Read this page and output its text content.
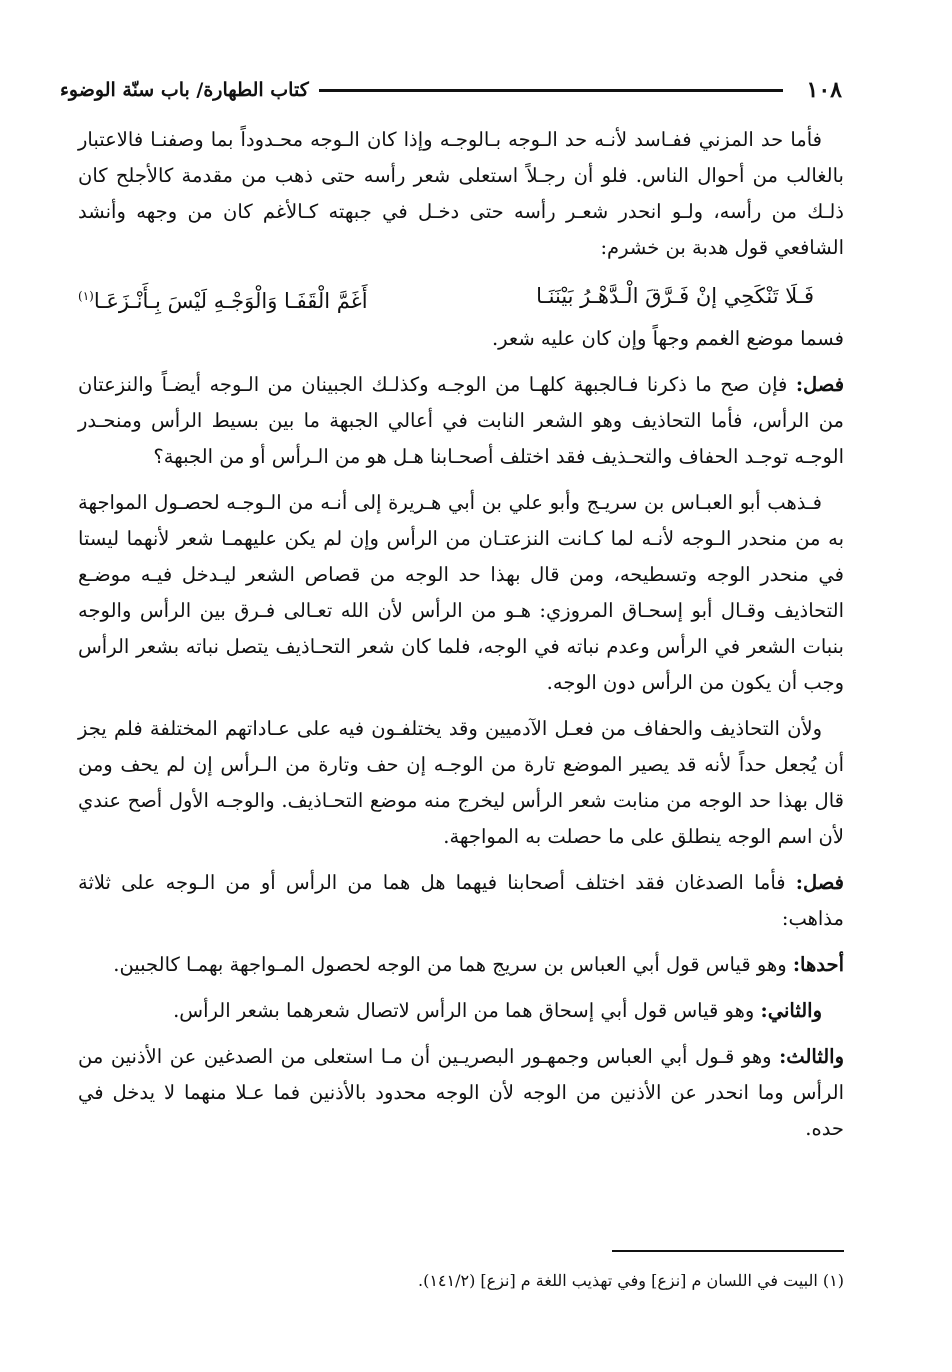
١٠٨
كتاب الطهارة/ باب سنّة الوضوء

فأما حد المزني ففـاسد لأنـه حد الـوجه بـالوجـه وإذا كان الـوجه محـدوداً بما وصفنـا فالاعتبار بالغالب من أحوال الناس. فلو أن رجـلاً استعلى شعر رأسه حتى ذهب من مقدمة كالأجلح كان ذلـك من رأسه، ولـو انحدر شعـر رأسه حتى دخـل في جبهته كـالأغم كان من وجهه وأنشد الشافعي قول هدبة بن خشرم:

فَـلَا تَنْكَحِي إنْ فَـرَّقَ الْـدَّهْـرُ بَيْنَنَـا
أَغَمَّ الْقَفَـا وَالْوَجْـهِ لَيْسَ بِـأَنْـزَعَـا$^{(١)}$

فسما موضع الغمم وجهاً وإن كان عليه شعر.

فصل: فإن صح ما ذكرنا فـالجبهة كلهـا من الوجـه وكذلـك الجبينان من الـوجه أيضـاً والنزعتان من الرأس، فأما التحاذيف وهو الشعر النابت في أعالي الجبهة ما بين بسيط الرأس ومنحـدر الوجـه توجـد الحفاف والتحـذيف فقد اختلف أصحـابنا هـل هو من الـرأس أو من الجبهة؟

فـذهب أبو العبـاس بن سريـج وأبو علي بن أبي هـريرة إلى أنـه من الـوجـه لحصـول المواجهة به من منحدر الـوجه لأنـه لما كـانت النزعتـان من الرأس وإن لم يكن عليهمـا شعر لأنهما ليستا في منحدر الوجه وتسطيحه، ومن قال بهذا حد الوجه من قصاص الشعر ليـدخل فيـه موضـع التحاذيف وقـال أبو إسحـاق المروزي: هـو من الرأس لأن الله تعـالى فـرق بين الرأس والوجه بنبات الشعر في الرأس وعدم نباته في الوجه، فلما كان شعر التحـاذيف يتصل نباته بشعر الرأس وجب أن يكون من الرأس دون الوجه.

ولأن التحاذيف والحفاف من فعـل الآدميين وقد يختلفـون فيه على عـاداتهم المختلفة فلم يجز أن يُجعل حداً لأنه قد يصير الموضع تارة من الوجـه إن حف وتارة من الـرأس إن لم يحف ومن قال بهذا حد الوجه من منابت شعر الرأس ليخرج منه موضع التحـاذيف. والوجـه الأول أصح عندي لأن اسم الوجه ينطلق على ما حصلت به المواجهة.

فصل: فأما الصدغان فقد اختلف أصحابنا فيهما هل هما من الرأس أو من الـوجه على ثلاثة مذاهب:

أحدها: وهو قياس قول أبي العباس بن سريج هما من الوجه لحصول المـواجهة بهمـا كالجبين.

والثاني: وهو قياس قول أبي إسحاق هما من الرأس لاتصال شعرهما بشعر الرأس.

والثالث: وهو قـول أبي العباس وجمهـور البصريـين أن مـا استعلى من الصدغين عن الأذنين من الرأس وما انحدر عن الأذنين من الوجه لأن الوجه محدود بالأذنين فما عـلا منهما لا يدخل في حده.

(١) البيت في اللسان م [نزع] وفي تهذيب اللغة م [نزع] (١٤١/٢).
